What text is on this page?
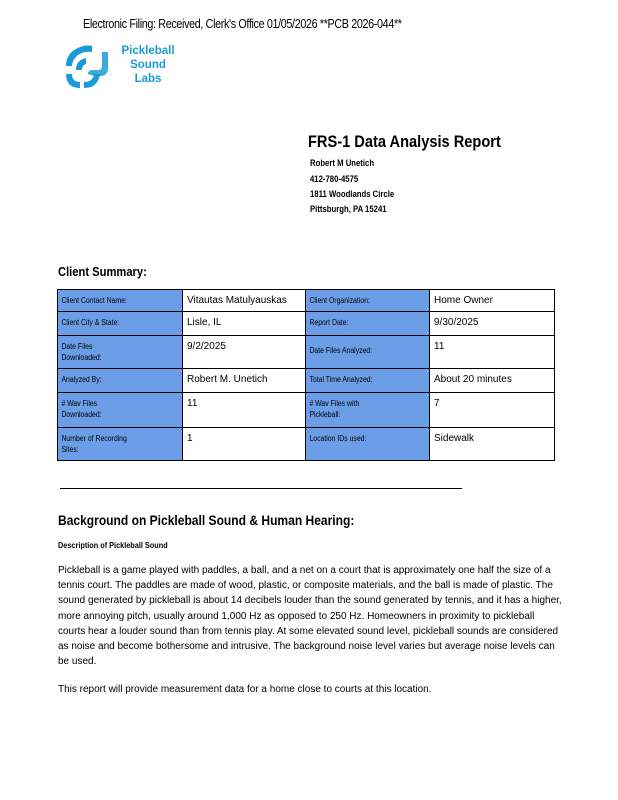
Electronic Filing: Received, Clerk's Office 01/05/2026 **PCB 2026-044**
Pickleball
Sound
Labs
FRS-1 Data Analysis Report
Robert M Unetich
412-780-4575
1811 Woodlands Circle
Pittsburgh, PA 15241
Client Summary:
Client Contact Name:	Vitautas Matulyauskas	Client Organization:	Home Owner

Client City & State:	Lisle, IL	Report Date:	9/30/2025

Date Files Downloaded:	9/2/2025	Date Files Analyzed:	11

Analyzed By:	Robert M. Unetich	Total Time Analyzed:	About 20 minutes

# Wav Files Downloaded:	11	# Wav Files with Pickleball:	7

Number of Recording Sites:	1	Location IDs used:	Sidewalk
Background on Pickleball Sound & Human Hearing:
Description of Pickleball Sound
Pickleball is a game played with paddles, a ball, and a net on a court that is approximately one half the size of a tennis court. The paddles are made of wood, plastic, or composite materials, and the ball is made of plastic. The sound generated by pickleball is about 14 decibels louder than the sound generated by tennis, and it has a higher, more annoying pitch, usually around 1,000 Hz as opposed to 250 Hz. Homeowners in proximity to pickleball courts hear a louder sound than from tennis play. At some elevated sound level, pickleball sounds are considered as noise and become bothersome and intrusive. The background noise level varies but average noise levels can be used.
This report will provide measurement data for a home close to courts at this location.
